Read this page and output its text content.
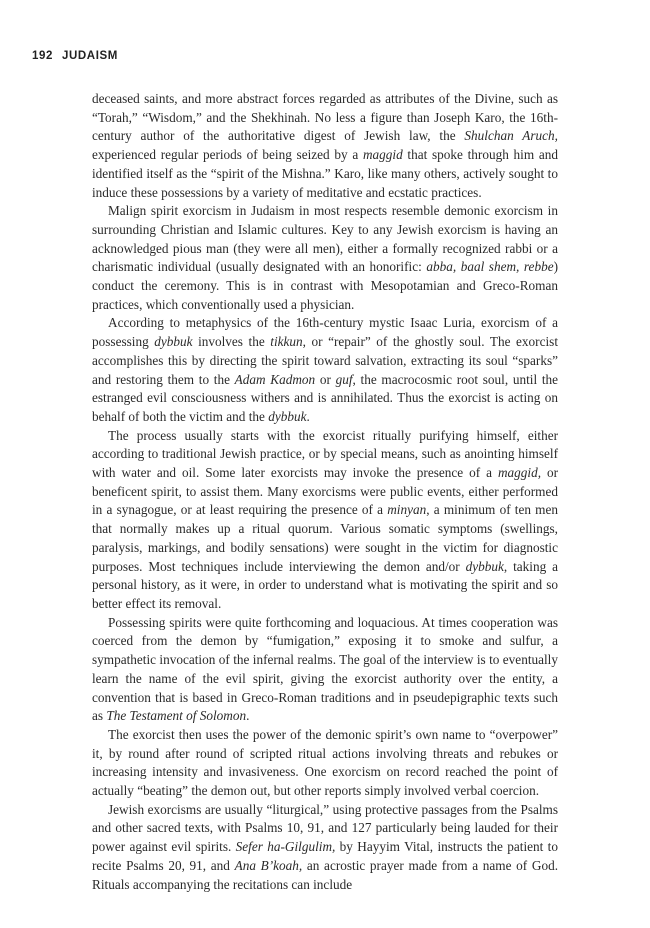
192 JUDAISM

deceased saints, and more abstract forces regarded as attributes of the Divine, such as “Torah,” “Wisdom,” and the Shekhinah. No less a figure than Joseph Karo, the 16th-century author of the authoritative digest of Jewish law, the Shulchan Aruch, experienced regular periods of being seized by a maggid that spoke through him and identified itself as the “spirit of the Mishna.” Karo, like many others, actively sought to induce these possessions by a variety of meditative and ecstatic practices.

Malign spirit exorcism in Judaism in most respects resemble demonic exorcism in surrounding Christian and Islamic cultures. Key to any Jewish exorcism is having an acknowledged pious man (they were all men), either a formally recognized rabbi or a charismatic individual (usually designated with an honorific: abba, baal shem, rebbe) conduct the ceremony. This is in contrast with Mesopotamian and Greco-Roman practices, which conventionally used a physician.

According to metaphysics of the 16th-century mystic Isaac Luria, exorcism of a possessing dybbuk involves the tikkun, or “repair” of the ghostly soul. The exorcist accomplishes this by directing the spirit toward salvation, extracting its soul “sparks” and restoring them to the Adam Kadmon or guf, the macrocosmic root soul, until the estranged evil consciousness withers and is annihilated. Thus the exorcist is acting on behalf of both the victim and the dybbuk.

The process usually starts with the exorcist ritually purifying himself, either according to traditional Jewish practice, or by special means, such as anointing himself with water and oil. Some later exorcists may invoke the presence of a maggid, or beneficent spirit, to assist them. Many exorcisms were public events, either performed in a synagogue, or at least requiring the presence of a minyan, a minimum of ten men that normally makes up a ritual quorum. Various somatic symptoms (swellings, paralysis, markings, and bodily sensations) were sought in the victim for diagnostic purposes. Most techniques include interviewing the demon and/or dybbuk, taking a personal history, as it were, in order to understand what is motivating the spirit and so better effect its removal.

Possessing spirits were quite forthcoming and loquacious. At times cooperation was coerced from the demon by “fumigation,” exposing it to smoke and sulfur, a sympathetic invocation of the infernal realms. The goal of the interview is to eventually learn the name of the evil spirit, giving the exorcist authority over the entity, a convention that is based in Greco-Roman traditions and in pseudepigraphic texts such as The Testament of Solomon.

The exorcist then uses the power of the demonic spirit’s own name to “overpower” it, by round after round of scripted ritual actions involving threats and rebukes or increasing intensity and invasiveness. One exorcism on record reached the point of actually “beating” the demon out, but other reports simply involved verbal coercion.

Jewish exorcisms are usually “liturgical,” using protective passages from the Psalms and other sacred texts, with Psalms 10, 91, and 127 particularly being lauded for their power against evil spirits. Sefer ha-Gilgulim, by Hayyim Vital, instructs the patient to recite Psalms 20, 91, and Ana B’koah, an acrostic prayer made from a name of God. Rituals accompanying the recitations can include
